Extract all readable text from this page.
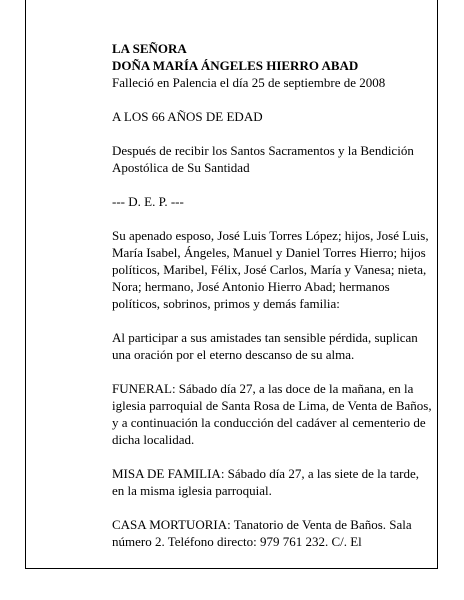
LA SEÑORA

DOÑA MARÍA ÁNGELES HIERRO ABAD

Falleció en Palencia el día 25 de septiembre de 2008

A LOS 66 AÑOS DE EDAD

Después de recibir los Santos Sacramentos y la Bendición Apostólica de Su Santidad

--- D. E. P. ---

Su apenado esposo, José Luis Torres López; hijos, José Luis, María Isabel, Ángeles, Manuel y Daniel Torres Hierro; hijos políticos, Maribel, Félix, José Carlos, María y Vanesa; nieta, Nora; hermano, José Antonio Hierro Abad; hermanos políticos, sobrinos, primos y demás familia:

Al participar a sus amistades tan sensible pérdida, suplican una oración por el eterno descanso de su alma.

FUNERAL: Sábado día 27, a las doce de la mañana, en la iglesia parroquial de Santa Rosa de Lima, de Venta de Baños, y a continuación la conducción del cadáver al cementerio de dicha localidad.

MISA DE FAMILIA: Sábado día 27, a las siete de la tarde, en la misma iglesia parroquial.

CASA MORTUORIA: Tanatorio de Venta de Baños. Sala número 2. Teléfono directo: 979 761 232. C/. El
